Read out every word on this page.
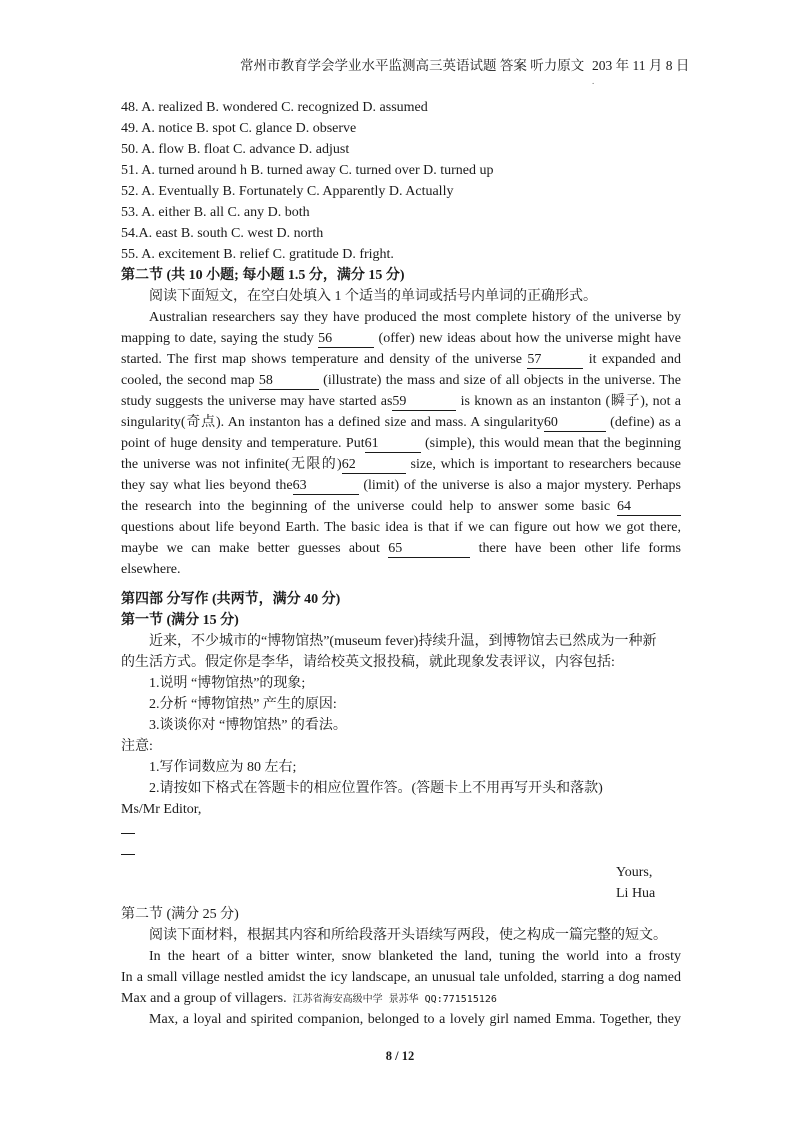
常州市教育学会学业水平监测高三英语试题 答案 听力原文 203 年 11 月 8 日
.
48. A. realized B. wondered C. recognized D. assumed
49. A. notice B. spot C. glance D. observe
50. A. flow B. float C. advance D. adjust
51. A. turned around h B. turned away C. turned over D. turned up
52. A. Eventually B. Fortunately C. Apparently D. Actually
53. A. either B. all C. any D. both
54.A. east B. south C. west D. north
55. A. excitement B. relief C. gratitude D. fright.
第二节 (共 10 小题; 每小题 1.5 分，满分 15 分)
阅读下面短文，在空白处填入 1 个适当的单词或括号内单词的正确形式。
Australian researchers say they have produced the most complete history of the universe by
mapping to date, saying the study 56	(offer) new ideas about how the universe might have
started. The first map shows temperature and density of the universe 57	it expanded and
cooled, the second map 58	(illustrate) the mass and size of all objects in the universe. The
study suggests the universe may have started as59	is known as an instanton (瞬子), not a
singularity(奇点). An instanton has a defined size and mass. A singularity60	(define) as a
point of huge density and temperature. Put61	(simple), this would mean that the beginning
the universe was not infinite(无限的)62	size, which is important to researchers because
they say what lies beyond the63	(limit) of the universe is also a major mystery. Perhaps
the research into the beginning of the universe could help to answer some basic 64
questions about life beyond Earth. The basic idea is that if we can figure out how we got there,
maybe we can make better guesses about 65	there have been other life forms
elsewhere.
第四部 分写作 (共两节，满分 40 分)
第一节 (满分 15 分)
近来，不少城市的“博物馆热”(museum fever)持续升温，到博物馆去已然成为一种新
的生活方式。假定你是李华，请给校英文报投稿，就此现象发表评议，内容包括:
1.说明 “博物馆热”的现象;
2.分析 “博物馆热” 产生的原因:
3.谈谈你对 “博物馆热” 的看法。
注意:
1.写作词数应为 80 左右;
2.请按如下格式在答题卡的相应位置作答。(答题卡上不用再写开头和落款)
Ms/Mr Editor,
Yours,
Li Hua
第二节 (满分 25 分)
阅读下面材料，根据其内容和所给段落开头语续写两段，使之构成一篇完整的短文。
In the heart of a bitter winter, snow blanketed the land, tuning the world into a frosty
In a small village nestled amidst the icy landscape, an unusual tale unfolded, starring a dog named
Max and a group of villagers. 江苏省海安高级中学 景苏华 QQ:771515126
Max, a loyal and spirited companion, belonged to a lovely girl named Emma. Together, they
8 / 12
